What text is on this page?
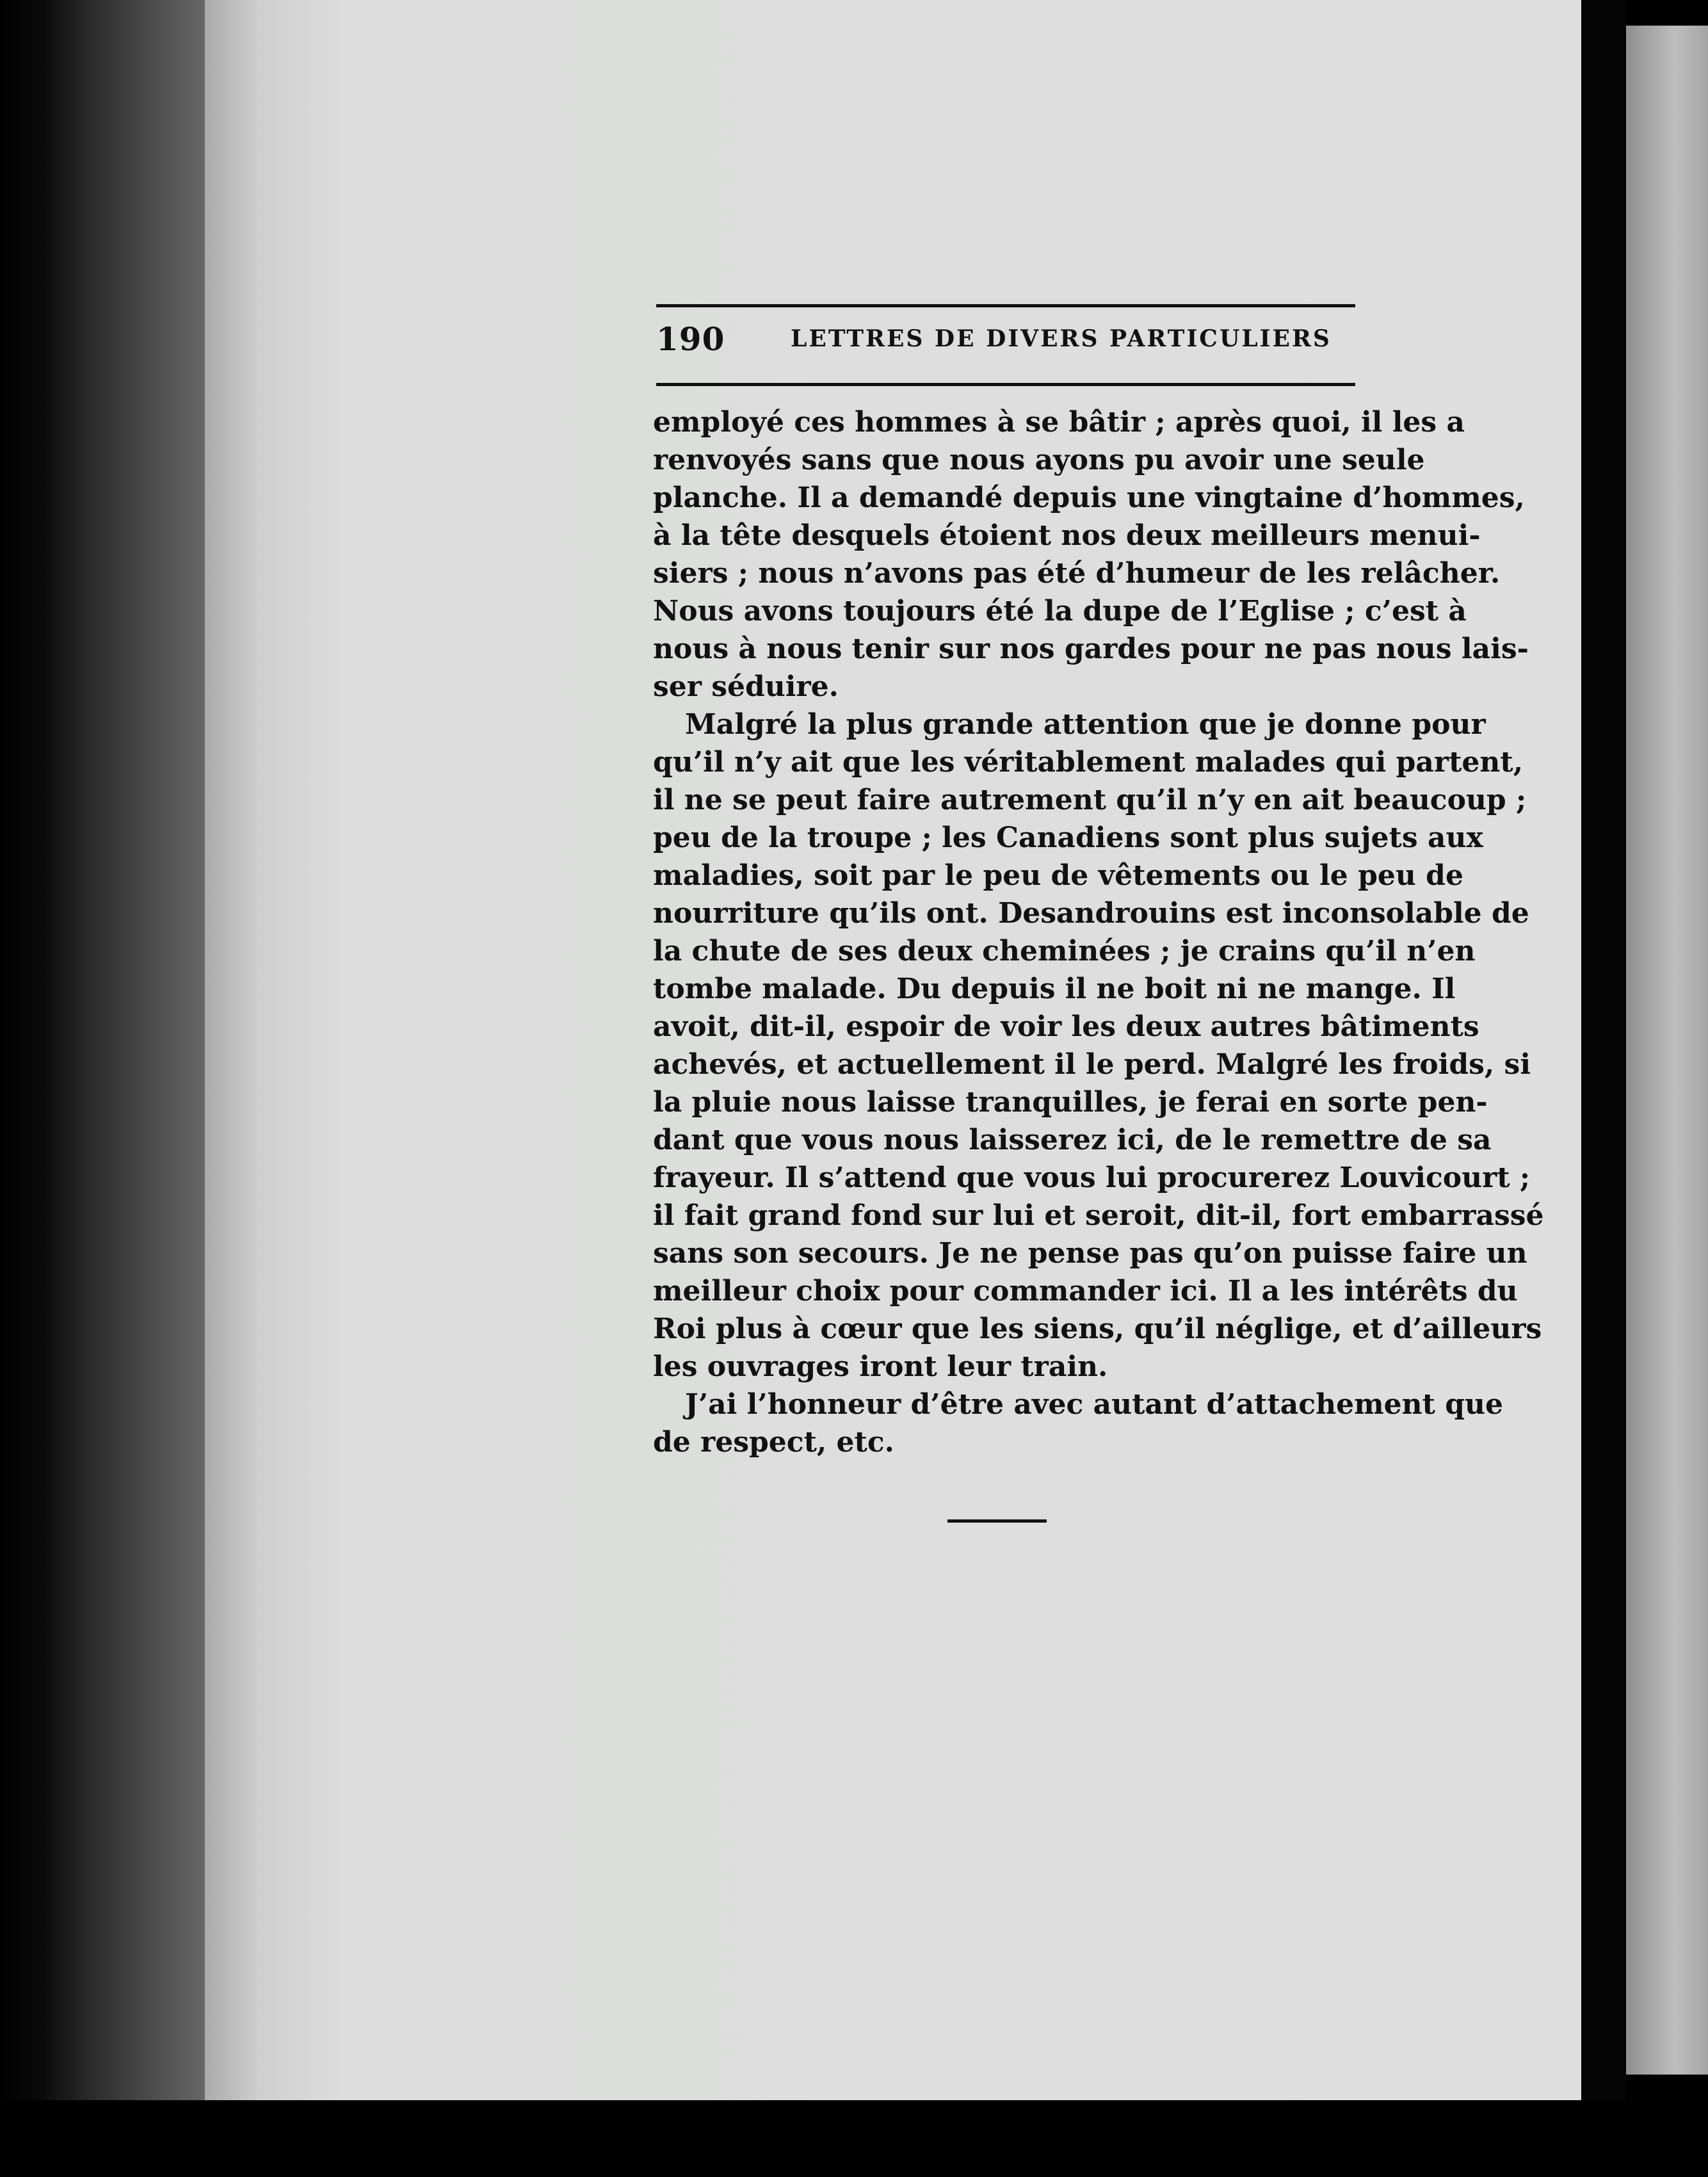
190	LETTRES DE DIVERS PARTICULIERS
employé ces hommes à se bâtir ; après quoi, il les a
renvoyés sans que nous ayons pu avoir une seule
planche. Il a demandé depuis une vingtaine d’hommes,
à la tête desquels étoient nos deux meilleurs menui-
siers ; nous n’avons pas été d’humeur de les relâcher.
Nous avons toujours été la dupe de l’Eglise ; c’est à
nous à nous tenir sur nos gardes pour ne pas nous lais-
ser séduire.
Malgré la plus grande attention que je donne pour
qu’il n’y ait que les véritablement malades qui partent,
il ne se peut faire autrement qu’il n’y en ait beaucoup ;
peu de la troupe ; les Canadiens sont plus sujets aux
maladies, soit par le peu de vêtements ou le peu de
nourriture qu’ils ont. Desandrouins est inconsolable de
la chute de ses deux cheminées ; je crains qu’il n’en
tombe malade. Du depuis il ne boit ni ne mange. Il
avoit, dit-il, espoir de voir les deux autres bâtiments
achevés, et actuellement il le perd. Malgré les froids, si
la pluie nous laisse tranquilles, je ferai en sorte pen-
dant que vous nous laisserez ici, de le remettre de sa
frayeur. Il s’attend que vous lui procurerez Louvicourt ;
il fait grand fond sur lui et seroit, dit-il, fort embarrassé
sans son secours. Je ne pense pas qu’on puisse faire un
meilleur choix pour commander ici. Il a les intérêts du
Roi plus à cœur que les siens, qu’il néglige, et d’ailleurs
les ouvrages iront leur train.
J’ai l’honneur d’être avec autant d’attachement que
de respect, etc.
